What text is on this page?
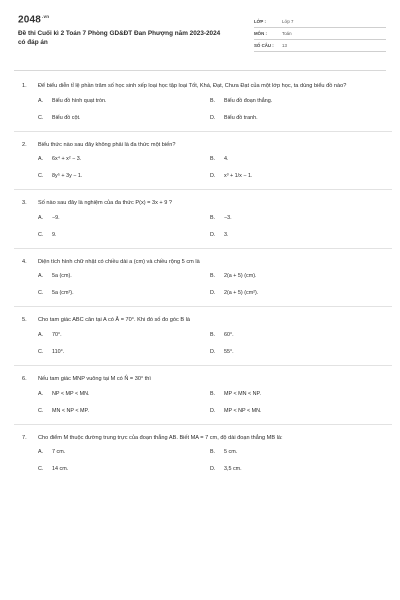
$2048^{.vn}$
Đề thi Cuối kì 2 Toán 7 Phòng GD&ĐT Đan Phượng năm 2023-2024 có đáp án
LỚP :	Lớp 7
MÔN :	Toán
SỐ CÂU :	13
1.	Để biểu diễn tỉ lệ phần trăm số học sinh xếp loại học tập loại Tốt, Khá, Đạt, Chưa Đạt của một lớp học, ta dùng biểu đồ nào?
A.	Biểu đồ hình quạt tròn.	B.	Biểu đồ đoạn thẳng.
C.	Biểu đồ cột.	D.	Biểu đồ tranh.
2.	Biểu thức nào sau đây không phải là đa thức một biến?
A.	6x⁴ + x² − 3.	B.	4.
C.	8y⁵ + 3y − 1.	D.	x³ + 1/x − 1.
3.	Số nào sau đây là nghiệm của đa thức P(x) = 3x + 9 ?
A.	−9.	B.	−3.
C.	9.	D.	3.
4.	Diện tích hình chữ nhật có chiều dài a (cm) và chiều rộng 5 cm là
A.	5a (cm).	B.	2(a + 5) (cm).
C.	5a (cm²).	D.	2(a + 5) (cm²).
5.	Cho tam giác ABC cân tại A có Â = 70°. Khi đó số đo góc B là
A.	70°.	B.	60°.
C.	110°.	D.	55°.
6.	Nếu tam giác MNP vuông tại M có N̂ = 30° thì
A.	NP < MP < MN.	B.	MP < MN < NP.
C.	MN < NP < MP.	D.	MP < NP < MN.
7.	Cho điểm M thuộc đường trung trực của đoạn thẳng AB. Biết MA = 7 cm, độ dài đoạn thẳng MB là:
A.	7 cm.	B.	5 cm.
C.	14 cm.	D.	3,5 cm.
